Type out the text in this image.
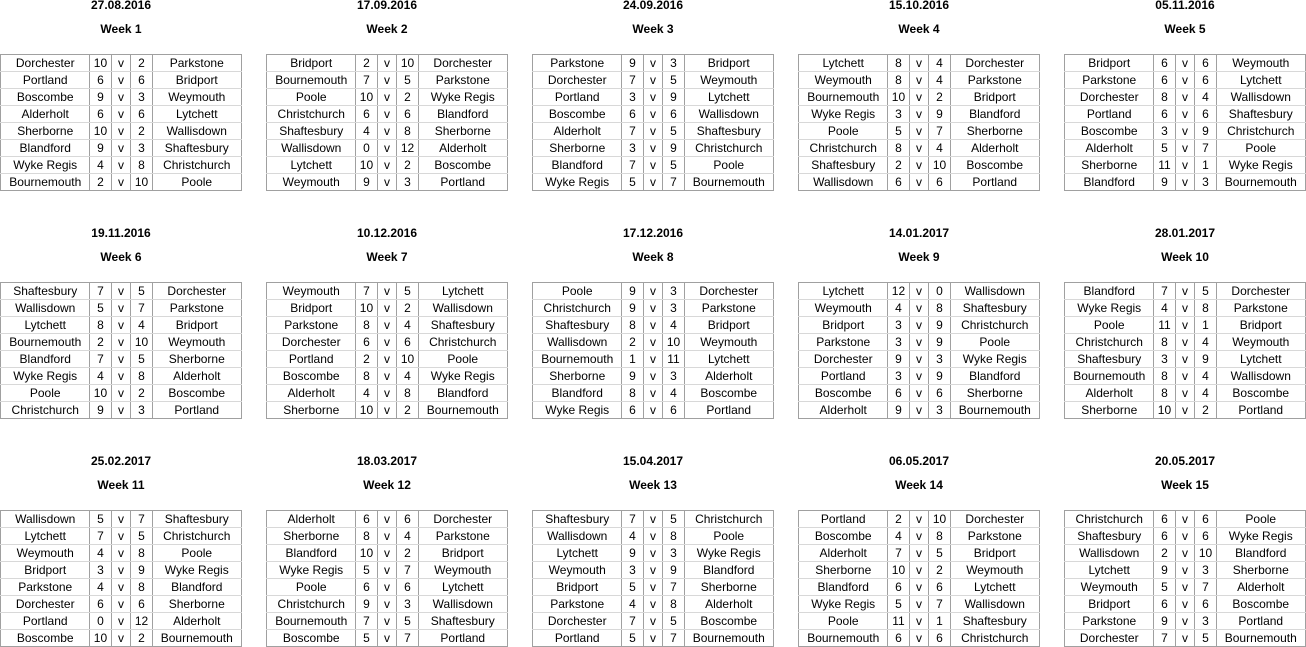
27.08.2016
Week 1
Dorchester	10	v	2	Parkstone
Portland	6	v	6	Bridport
Boscombe	9	v	3	Weymouth
Alderholt	6	v	6	Lytchett
Sherborne	10	v	2	Wallisdown
Blandford	9	v	3	Shaftesbury
Wyke Regis	4	v	8	Christchurch
Bournemouth	2	v	10	Poole
17.09.2016
Week 2
Bridport	2	v	10	Dorchester
Bournemouth	7	v	5	Parkstone
Poole	10	v	2	Wyke Regis
Christchurch	6	v	6	Blandford
Shaftesbury	4	v	8	Sherborne
Wallisdown	0	v	12	Alderholt
Lytchett	10	v	2	Boscombe
Weymouth	9	v	3	Portland
24.09.2016
Week 3
Parkstone	9	v	3	Bridport
Dorchester	7	v	5	Weymouth
Portland	3	v	9	Lytchett
Boscombe	6	v	6	Wallisdown
Alderholt	7	v	5	Shaftesbury
Sherborne	3	v	9	Christchurch
Blandford	7	v	5	Poole
Wyke Regis	5	v	7	Bournemouth
15.10.2016
Week 4
Lytchett	8	v	4	Dorchester
Weymouth	8	v	4	Parkstone
Bournemouth	10	v	2	Bridport
Wyke Regis	3	v	9	Blandford
Poole	5	v	7	Sherborne
Christchurch	8	v	4	Alderholt
Shaftesbury	2	v	10	Boscombe
Wallisdown	6	v	6	Portland
05.11.2016
Week 5
Bridport	6	v	6	Weymouth
Parkstone	6	v	6	Lytchett
Dorchester	8	v	4	Wallisdown
Portland	6	v	6	Shaftesbury
Boscombe	3	v	9	Christchurch
Alderholt	5	v	7	Poole
Sherborne	11	v	1	Wyke Regis
Blandford	9	v	3	Bournemouth
19.11.2016
Week 6
Shaftesbury	7	v	5	Dorchester
Wallisdown	5	v	7	Parkstone
Lytchett	8	v	4	Bridport
Bournemouth	2	v	10	Weymouth
Blandford	7	v	5	Sherborne
Wyke Regis	4	v	8	Alderholt
Poole	10	v	2	Boscombe
Christchurch	9	v	3	Portland
10.12.2016
Week 7
Weymouth	7	v	5	Lytchett
Bridport	10	v	2	Wallisdown
Parkstone	8	v	4	Shaftesbury
Dorchester	6	v	6	Christchurch
Portland	2	v	10	Poole
Boscombe	8	v	4	Wyke Regis
Alderholt	4	v	8	Blandford
Sherborne	10	v	2	Bournemouth
17.12.2016
Week 8
Poole	9	v	3	Dorchester
Christchurch	9	v	3	Parkstone
Shaftesbury	8	v	4	Bridport
Wallisdown	2	v	10	Weymouth
Bournemouth	1	v	11	Lytchett
Sherborne	9	v	3	Alderholt
Blandford	8	v	4	Boscombe
Wyke Regis	6	v	6	Portland
14.01.2017
Week 9
Lytchett	12	v	0	Wallisdown
Weymouth	4	v	8	Shaftesbury
Bridport	3	v	9	Christchurch
Parkstone	3	v	9	Poole
Dorchester	9	v	3	Wyke Regis
Portland	3	v	9	Blandford
Boscombe	6	v	6	Sherborne
Alderholt	9	v	3	Bournemouth
28.01.2017
Week 10
Blandford	7	v	5	Dorchester
Wyke Regis	4	v	8	Parkstone
Poole	11	v	1	Bridport
Christchurch	8	v	4	Weymouth
Shaftesbury	3	v	9	Lytchett
Bournemouth	8	v	4	Wallisdown
Alderholt	8	v	4	Boscombe
Sherborne	10	v	2	Portland
25.02.2017
Week 11
Wallisdown	5	v	7	Shaftesbury
Lytchett	7	v	5	Christchurch
Weymouth	4	v	8	Poole
Bridport	3	v	9	Wyke Regis
Parkstone	4	v	8	Blandford
Dorchester	6	v	6	Sherborne
Portland	0	v	12	Alderholt
Boscombe	10	v	2	Bournemouth
18.03.2017
Week 12
Alderholt	6	v	6	Dorchester
Sherborne	8	v	4	Parkstone
Blandford	10	v	2	Bridport
Wyke Regis	5	v	7	Weymouth
Poole	6	v	6	Lytchett
Christchurch	9	v	3	Wallisdown
Bournemouth	7	v	5	Shaftesbury
Boscombe	5	v	7	Portland
15.04.2017
Week 13
Shaftesbury	7	v	5	Christchurch
Wallisdown	4	v	8	Poole
Lytchett	9	v	3	Wyke Regis
Weymouth	3	v	9	Blandford
Bridport	5	v	7	Sherborne
Parkstone	4	v	8	Alderholt
Dorchester	7	v	5	Boscombe
Portland	5	v	7	Bournemouth
06.05.2017
Week 14
Portland	2	v	10	Dorchester
Boscombe	4	v	8	Parkstone
Alderholt	7	v	5	Bridport
Sherborne	10	v	2	Weymouth
Blandford	6	v	6	Lytchett
Wyke Regis	5	v	7	Wallisdown
Poole	11	v	1	Shaftesbury
Bournemouth	6	v	6	Christchurch
20.05.2017
Week 15
Christchurch	6	v	6	Poole
Shaftesbury	6	v	6	Wyke Regis
Wallisdown	2	v	10	Blandford
Lytchett	9	v	3	Sherborne
Weymouth	5	v	7	Alderholt
Bridport	6	v	6	Boscombe
Parkstone	9	v	3	Portland
Dorchester	7	v	5	Bournemouth
